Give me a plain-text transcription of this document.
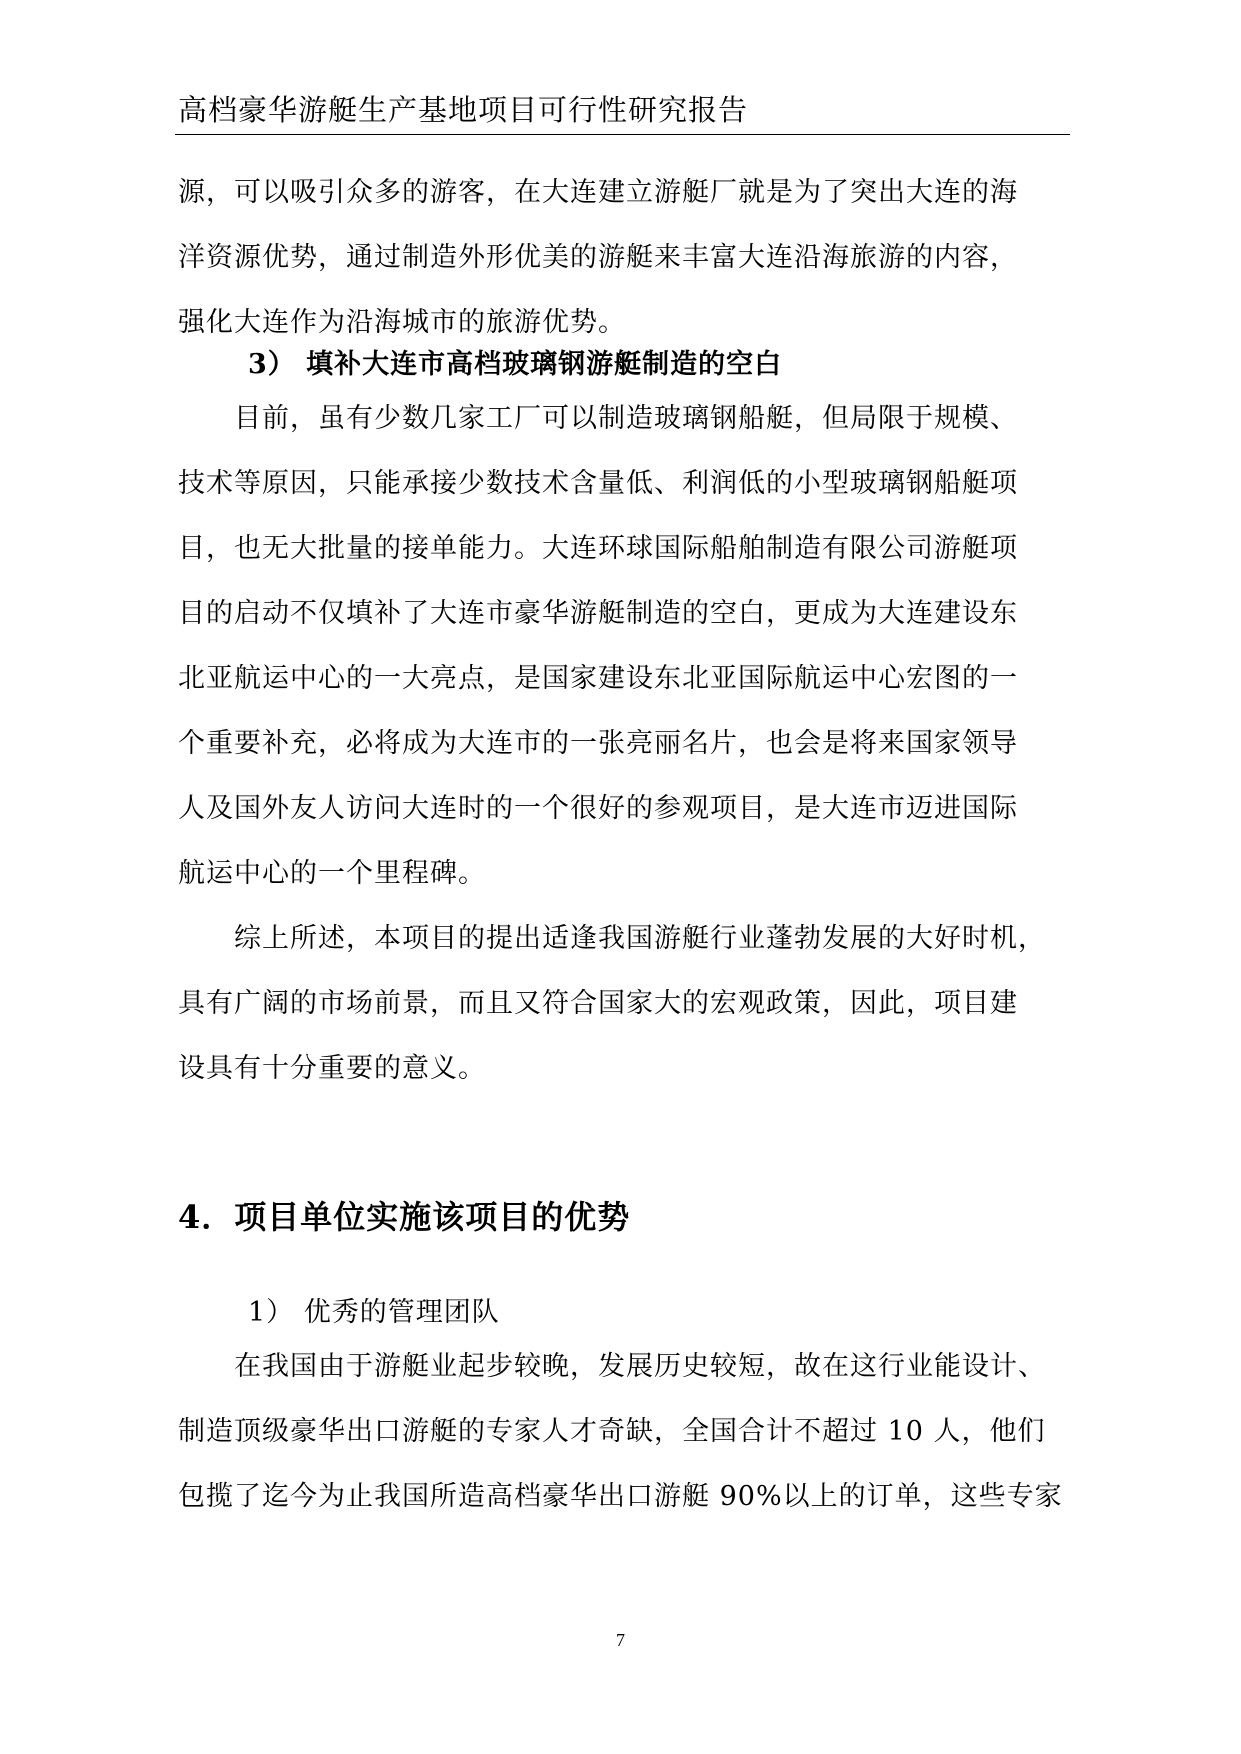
高档豪华游艇生产基地项目可行性研究报告
源，可以吸引众多的游客，在大连建立游艇厂就是为了突出大连的海
洋资源优势，通过制造外形优美的游艇来丰富大连沿海旅游的内容，
强化大连作为沿海城市的旅游优势。
3） 填补大连市高档玻璃钢游艇制造的空白
　　目前，虽有少数几家工厂可以制造玻璃钢船艇，但局限于规模、
技术等原因，只能承接少数技术含量低、利润低的小型玻璃钢船艇项
目，也无大批量的接单能力。大连环球国际船舶制造有限公司游艇项
目的启动不仅填补了大连市豪华游艇制造的空白，更成为大连建设东
北亚航运中心的一大亮点，是国家建设东北亚国际航运中心宏图的一
个重要补充，必将成为大连市的一张亮丽名片，也会是将来国家领导
人及国外友人访问大连时的一个很好的参观项目，是大连市迈进国际
航运中心的一个里程碑。
　　综上所述，本项目的提出适逢我国游艇行业蓬勃发展的大好时机，
具有广阔的市场前景，而且又符合国家大的宏观政策，因此，项目建
设具有十分重要的意义。
4．项目单位实施该项目的优势
1） 优秀的管理团队
　　在我国由于游艇业起步较晚，发展历史较短，故在这行业能设计、
制造顶级豪华出口游艇的专家人才奇缺，全国合计不超过 10 人，他们
包揽了迄今为止我国所造高档豪华出口游艇 90%以上的订单，这些专家
7
